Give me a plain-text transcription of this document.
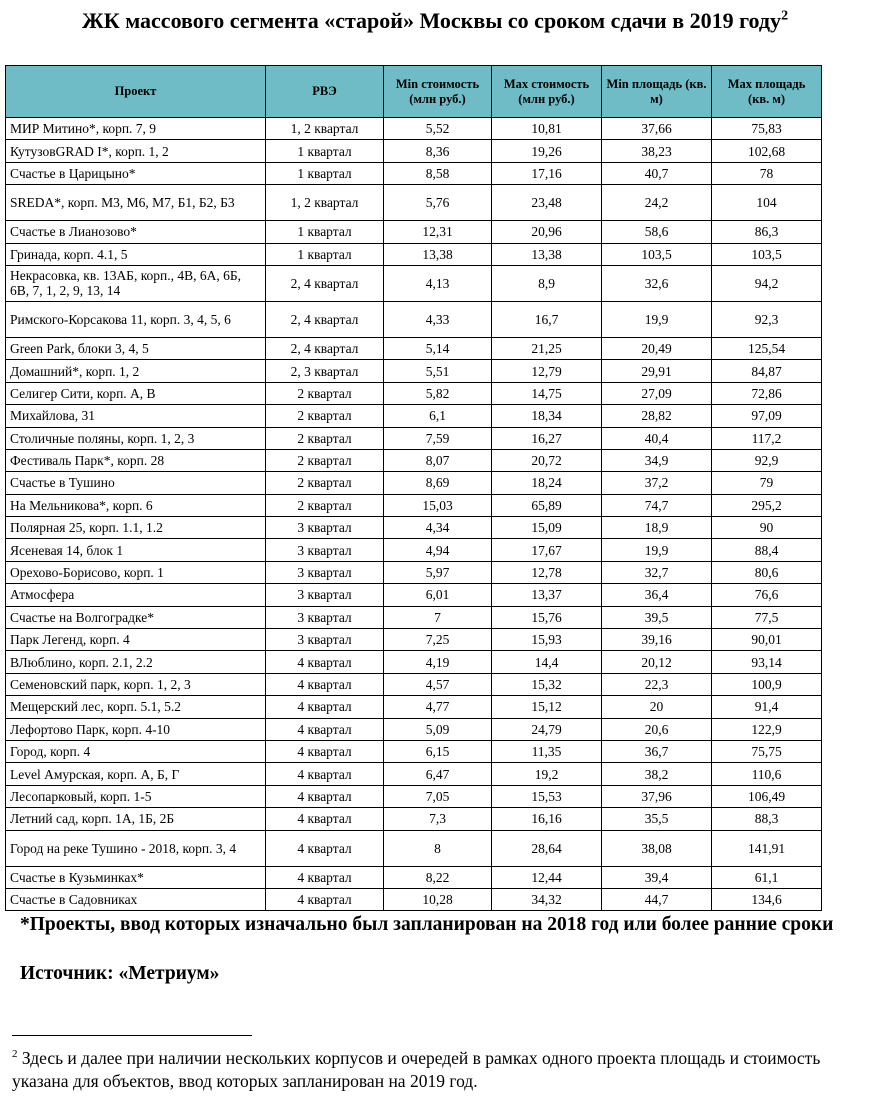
ЖК массового сегмента «старой» Москвы со сроком сдачи в 2019 году$^2$
Проект	РВЭ	Min стоимость (млн руб.)	Max стоимость (млн руб.)	Min площадь (кв. м)	Max площадь (кв. м)
МИР Митино*, корп. 7, 9	1, 2 квартал	5,52	10,81	37,66	75,83
КутузовGRAD I*, корп. 1, 2	1 квартал	8,36	19,26	38,23	102,68
Счастье в Царицыно*	1 квартал	8,58	17,16	40,7	78
SREDA*, корп. М3, М6, М7, Б1, Б2, Б3	1, 2 квартал	5,76	23,48	24,2	104
Счастье в Лианозово*	1 квартал	12,31	20,96	58,6	86,3
Гринада, корп. 4.1, 5	1 квартал	13,38	13,38	103,5	103,5
Некрасовка, кв. 13АБ, корп., 4В, 6А, 6Б, 6В, 7, 1, 2, 9, 13, 14	2, 4 квартал	4,13	8,9	32,6	94,2
Римского-Корсакова 11, корп. 3, 4, 5, 6	2, 4 квартал	4,33	16,7	19,9	92,3
Green Park, блоки 3, 4, 5	2, 4 квартал	5,14	21,25	20,49	125,54
Домашний*, корп. 1, 2	2, 3 квартал	5,51	12,79	29,91	84,87
Селигер Сити, корп. А, В	2 квартал	5,82	14,75	27,09	72,86
Михайлова, 31	2 квартал	6,1	18,34	28,82	97,09
Столичные поляны, корп. 1, 2, 3	2 квартал	7,59	16,27	40,4	117,2
Фестиваль Парк*, корп. 28	2 квартал	8,07	20,72	34,9	92,9
Счастье в Тушино	2 квартал	8,69	18,24	37,2	79
На Мельникова*, корп. 6	2 квартал	15,03	65,89	74,7	295,2
Полярная 25, корп. 1.1, 1.2	3 квартал	4,34	15,09	18,9	90
Ясеневая 14, блок 1	3 квартал	4,94	17,67	19,9	88,4
Орехово-Борисово, корп. 1	3 квартал	5,97	12,78	32,7	80,6
Атмосфера	3 квартал	6,01	13,37	36,4	76,6
Счастье на Волгоградке*	3 квартал	7	15,76	39,5	77,5
Парк Легенд, корп. 4	3 квартал	7,25	15,93	39,16	90,01
ВЛюблино, корп. 2.1, 2.2	4 квартал	4,19	14,4	20,12	93,14
Семеновский парк, корп. 1, 2, 3	4 квартал	4,57	15,32	22,3	100,9
Мещерский лес, корп. 5.1, 5.2	4 квартал	4,77	15,12	20	91,4
Лефортово Парк, корп. 4-10	4 квартал	5,09	24,79	20,6	122,9
Город, корп. 4	4 квартал	6,15	11,35	36,7	75,75
Level Амурская, корп. А, Б, Г	4 квартал	6,47	19,2	38,2	110,6
Лесопарковый, корп. 1-5	4 квартал	7,05	15,53	37,96	106,49
Летний сад, корп. 1А, 1Б, 2Б	4 квартал	7,3	16,16	35,5	88,3
Город на реке Тушино - 2018, корп. 3, 4	4 квартал	8	28,64	38,08	141,91
Счастье в Кузьминках*	4 квартал	8,22	12,44	39,4	61,1
Счастье в Садовниках	4 квартал	10,28	34,32	44,7	134,6
*Проекты, ввод которых изначально был запланирован на 2018 год или более ранние сроки
Источник: «Метриум»
$^2$ Здесь и далее при наличии нескольких корпусов и очередей в рамках одного проекта площадь и стоимость указана для объектов, ввод которых запланирован на 2019 год.
